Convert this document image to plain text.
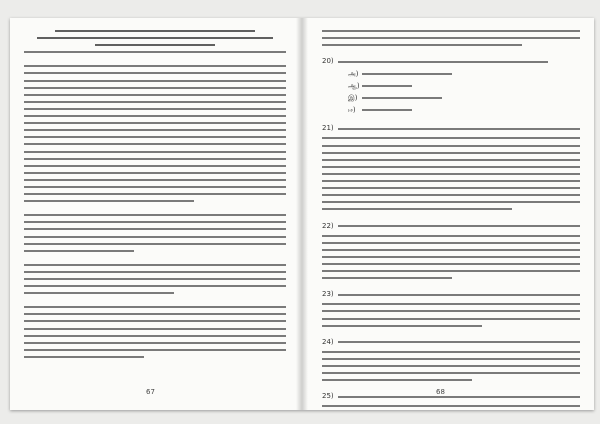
67
20)
அ)
ஆ)
இ)
ஈ)
21)
22)
23)
24)
25)
68
